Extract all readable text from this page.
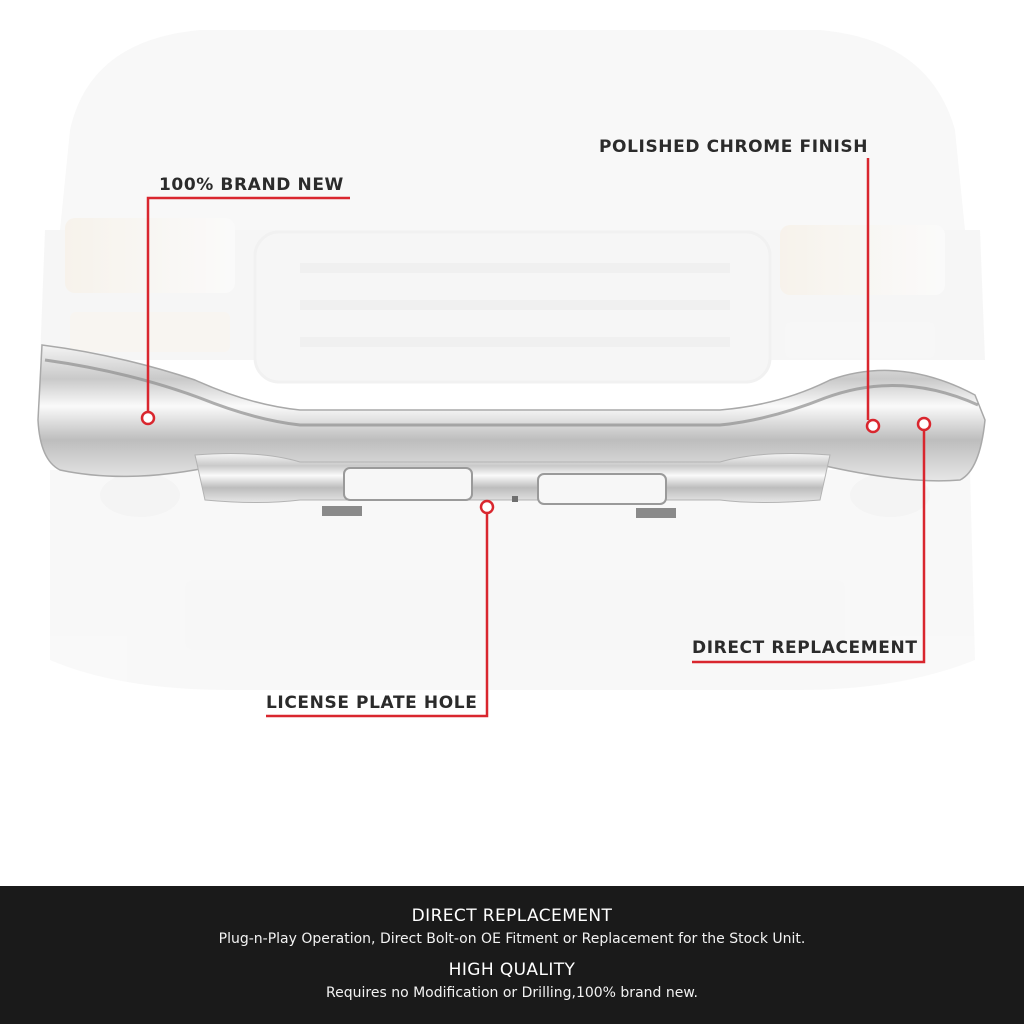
100% BRAND NEW
POLISHED CHROME FINISH
DIRECT REPLACEMENT
LICENSE PLATE HOLE
DIRECT REPLACEMENT
Plug-n-Play Operation, Direct Bolt-on OE Fitment or Replacement for the Stock Unit.
HIGH QUALITY
Requires no Modification or Drilling,100% brand new.
